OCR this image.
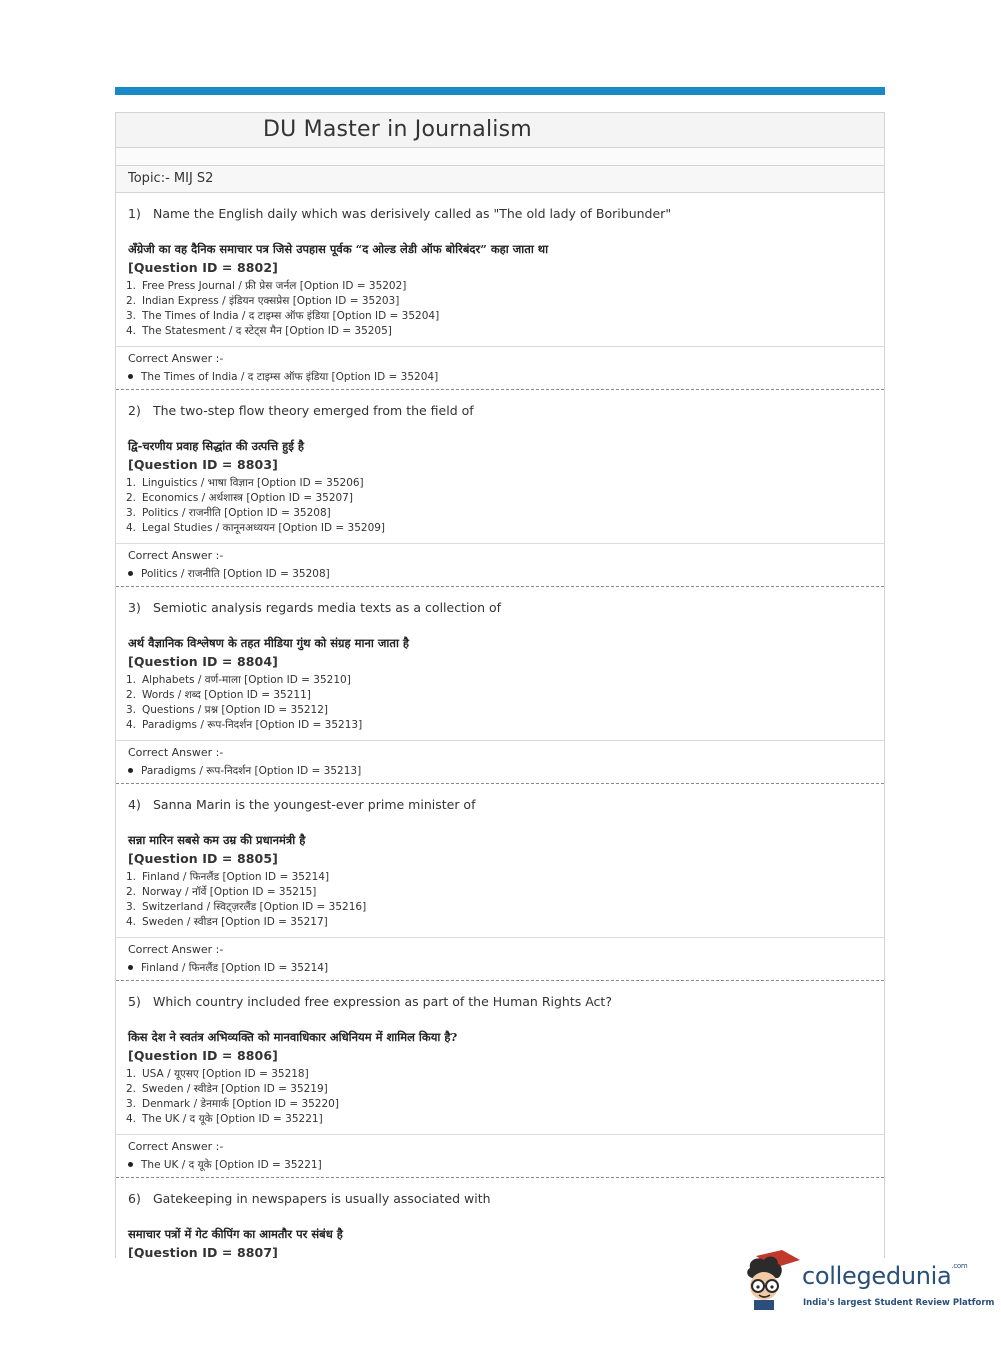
DU Master in Journalism
Topic:- MIJ S2
1) Name the English daily which was derisively called as "The old lady of Boribunder"
अँग्रेजी का वह दैनिक समाचार पत्र जिसे उपहास पूर्वक “द ओल्ड लेडी ऑफ बोरिबंदर” कहा जाता था
[Question ID = 8802]
1. Free Press Journal / फ्री प्रेस जर्नल [Option ID = 35202]
2. Indian Express / इंडियन एक्सप्रेस [Option ID = 35203]
3. The Times of India / द टाइम्स ऑफ इंडिया [Option ID = 35204]
4. The Statesment / द स्टेट्स मैन [Option ID = 35205]
Correct Answer :-
The Times of India / द टाइम्स ऑफ इंडिया [Option ID = 35204]
2) The two-step flow theory emerged from the field of
द्वि-चरणीय प्रवाह सिद्धांत की उत्पत्ति हुई है
[Question ID = 8803]
1. Linguistics / भाषा विज्ञान [Option ID = 35206]
2. Economics / अर्थशास्त्र [Option ID = 35207]
3. Politics / राजनीति [Option ID = 35208]
4. Legal Studies / कानूनअध्ययन [Option ID = 35209]
Correct Answer :-
Politics / राजनीति [Option ID = 35208]
3) Semiotic analysis regards media texts as a collection of
अर्थ वैज्ञानिक विश्लेषण के तहत मीडिया गुंथ को संग्रह माना जाता है
[Question ID = 8804]
1. Alphabets / वर्ण-माला [Option ID = 35210]
2. Words / शब्द [Option ID = 35211]
3. Questions / प्रश्न [Option ID = 35212]
4. Paradigms / रूप-निदर्शन [Option ID = 35213]
Correct Answer :-
Paradigms / रूप-निदर्शन [Option ID = 35213]
4) Sanna Marin is the youngest-ever prime minister of
सन्ना मारिन सबसे कम उम्र की प्रधानमंत्री है
[Question ID = 8805]
1. Finland / फिनलैंड [Option ID = 35214]
2. Norway / नॉर्वे [Option ID = 35215]
3. Switzerland / स्विट्ज़रलैंड [Option ID = 35216]
4. Sweden / स्वीडन [Option ID = 35217]
Correct Answer :-
Finland / फिनलैंड [Option ID = 35214]
5) Which country included free expression as part of the Human Rights Act?
किस देश ने स्वतंत्र अभिव्यक्ति को मानवाधिकार अधिनियम में शामिल किया है?
[Question ID = 8806]
1. USA / यूएसए [Option ID = 35218]
2. Sweden / स्वीडेन [Option ID = 35219]
3. Denmark / डेनमार्क [Option ID = 35220]
4. The UK / द यूके [Option ID = 35221]
Correct Answer :-
The UK / द यूके [Option ID = 35221]
6) Gatekeeping in newspapers is usually associated with
समाचार पत्रों में गेट कीपिंग का आमतौर पर संबंध है
[Question ID = 8807]
collegedunia$^{.com}$
India's largest Student Review Platform
